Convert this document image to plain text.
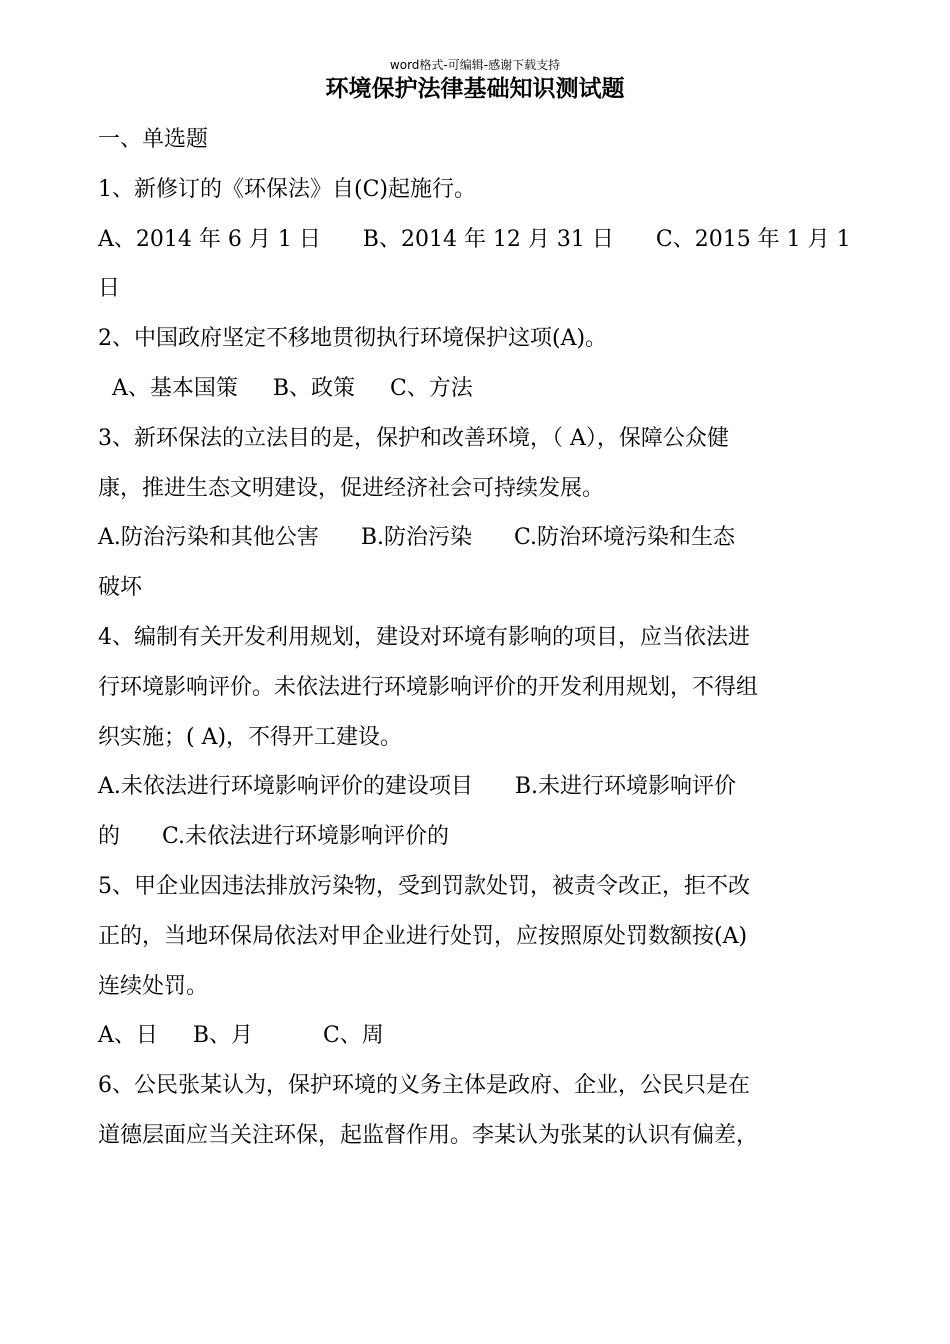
word格式-可编辑-感谢下载支持
环境保护法律基础知识测试题
一、单选题
1、新修订的《环保法》自(C)起施行。
A、2014 年 6 月 1 日      B、2014 年 12 月 31 日      C、2015 年 1 月 1
日
2、中国政府坚定不移地贯彻执行环境保护这项(A)。
A、基本国策     B、政策     C、方法
3、新环保法的立法目的是，保护和改善环境，（ A），保障公众健
康，推进生态文明建设，促进经济社会可持续发展。
A.防治污染和其他公害      B.防治污染      C.防治环境污染和生态
破坏
4、编制有关开发利用规划，建设对环境有影响的项目，应当依法进
行环境影响评价。未依法进行环境影响评价的开发利用规划，不得组
织实施；( A)，不得开工建设。
A.未依法进行环境影响评价的建设项目      B.未进行环境影响评价
的      C.未依法进行环境影响评价的
5、甲企业因违法排放污染物，受到罚款处罚，被责令改正，拒不改
正的，当地环保局依法对甲企业进行处罚，应按照原处罚数额按(A)
连续处罚。
A、日     B、月          C、周
6、公民张某认为，保护环境的义务主体是政府、企业，公民只是在
道德层面应当关注环保，起监督作用。李某认为张某的认识有偏差，
